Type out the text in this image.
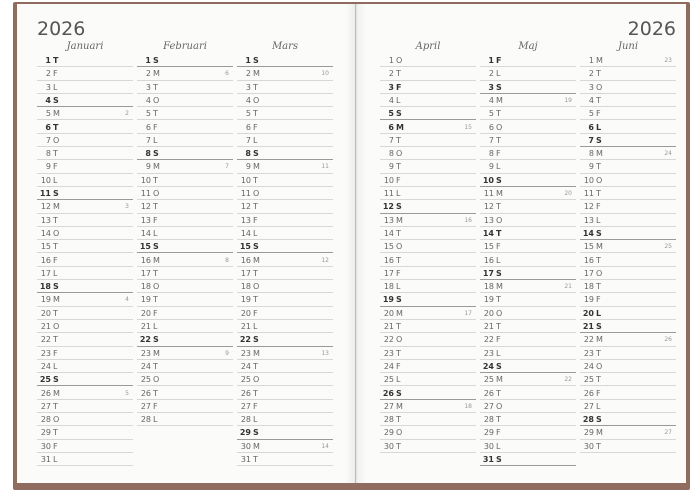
2026	2026
Januari
1 T
2 F
3 L
4 S
5 M	2
6 T
7 O
8 T
9 F
10 L
11 S
12 M	3
13 T
14 O
15 T
16 F
17 L
18 S
19 M	4
20 T
21 O
22 T
23 F
24 L
25 S
26 M	5
27 T
28 O
29 T
30 F
31 L
Februari
1 S
2 M	6
3 T
4 O
5 T
6 F
7 L
8 S
9 M	7
10 T
11 O
12 T
13 F
14 L
15 S
16 M	8
17 T
18 O
19 T
20 F
21 L
22 S
23 M	9
24 T
25 O
26 T
27 F
28 L
Mars
1 S
2 M	10
3 T
4 O
5 T
6 F
7 L
8 S
9 M	11
10 T
11 O
12 T
13 F
14 L
15 S
16 M	12
17 T
18 O
19 T
20 F
21 L
22 S
23 M	13
24 T
25 O
26 T
27 F
28 L
29 S
30 M	14
31 T
April
1 O
2 T
3 F
4 L
5 S
6 M	15
7 T
8 O
9 T
10 F
11 L
12 S
13 M	16
14 T
15 O
16 T
17 F
18 L
19 S
20 M	17
21 T
22 O
23 T
24 F
25 L
26 S
27 M	18
28 T
29 O
30 T
Maj
1 F
2 L
3 S
4 M	19
5 T
6 O
7 T
8 F
9 L
10 S
11 M	20
12 T
13 O
14 T
15 F
16 L
17 S
18 M	21
19 T
20 O
21 T
22 F
23 L
24 S
25 M	22
26 T
27 O
28 T
29 F
30 L
31 S
Juni
1 M	23
2 T
3 O
4 T
5 F
6 L
7 S
8 M	24
9 T
10 O
11 T
12 F
13 L
14 S
15 M	25
16 T
17 O
18 T
19 F
20 L
21 S
22 M	26
23 T
24 O
25 T
26 F
27 L
28 S
29 M	27
30 T
